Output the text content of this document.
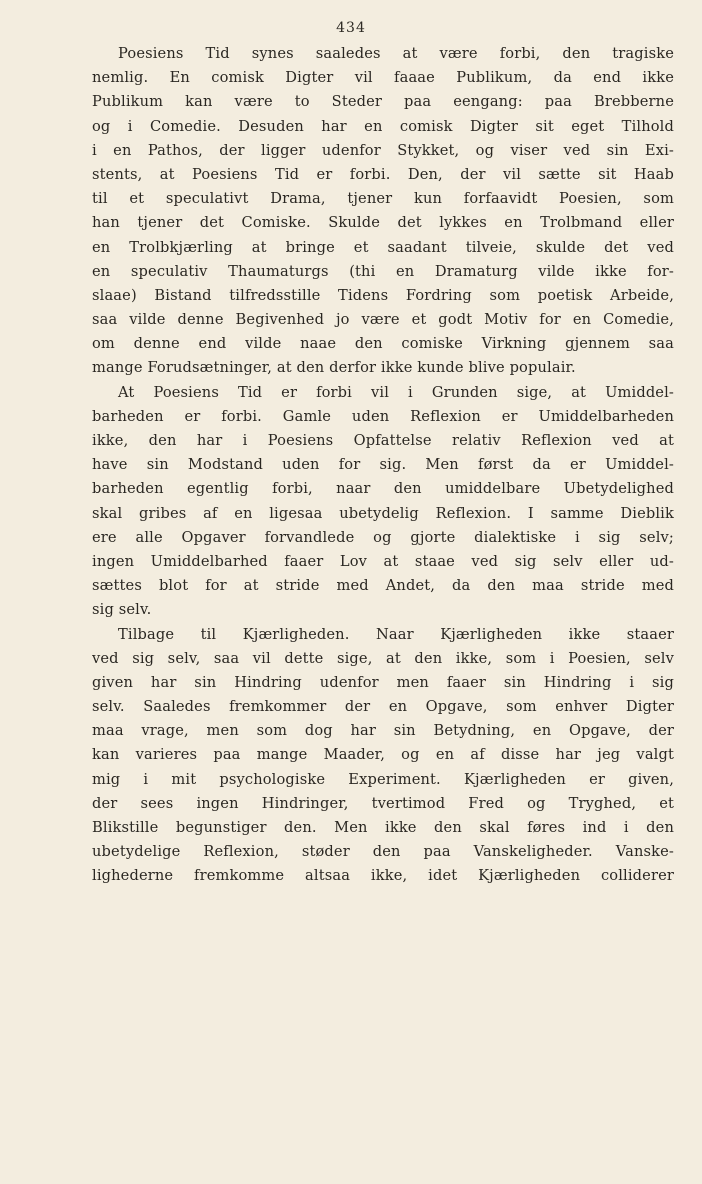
434
Poesiens Tid synes saaledes at være forbi, den tragiske
nemlig. En comisk Digter vil faaae Publikum, da end ikke
Publikum kan være to Steder paa eengang: paa Brebberne
og i Comedie. Desuden har en comisk Digter sit eget Tilhold
i en Pathos, der ligger udenfor Stykket, og viser ved sin Exi-
stents, at Poesiens Tid er forbi. Den, der vil sætte sit Haab
til et speculativt Drama, tjener kun forfaavidt Poesien, som
han tjener det Comiske. Skulde det lykkes en Trolbmand eller
en Trolbkjærling at bringe et saadant tilveie, skulde det ved
en speculativ Thaumaturgs (thi en Dramaturg vilde ikke for-
slaae) Bistand tilfredsstille Tidens Fordring som poetisk Arbeide,
saa vilde denne Begivenhed jo være et godt Motiv for en Comedie,
om denne end vilde naae den comiske Virkning gjennem saa
mange Forudsætninger, at den derfor ikke kunde blive populair.
At Poesiens Tid er forbi vil i Grunden sige, at Umiddel-
barheden er forbi. Gamle uden Reflexion er Umiddelbarheden
ikke, den har i Poesiens Opfattelse relativ Reflexion ved at
have sin Modstand uden for sig. Men først da er Umiddel-
barheden egentlig forbi, naar den umiddelbare Ubetydelighed
skal gribes af en ligesaa ubetydelig Reflexion. I samme Dieblik
ere alle Opgaver forvandlede og gjorte dialektiske i sig selv;
ingen Umiddelbarhed faaer Lov at staae ved sig selv eller ud-
sættes blot for at stride med Andet, da den maa stride med
sig selv.
Tilbage til Kjærligheden. Naar Kjærligheden ikke staaer
ved sig selv, saa vil dette sige, at den ikke, som i Poesien, selv
given har sin Hindring udenfor men faaer sin Hindring i sig
selv. Saaledes fremkommer der en Opgave, som enhver Digter
maa vrage, men som dog har sin Betydning, en Opgave, der
kan varieres paa mange Maader, og en af disse har jeg valgt
mig i mit psychologiske Experiment. Kjærligheden er given,
der sees ingen Hindringer, tvertimod Fred og Tryghed, et
Blikstille begunstiger den. Men ikke den skal føres ind i den
ubetydelige Reflexion, støder den paa Vanskeligheder. Vanske-
lighederne fremkomme altsaa ikke, idet Kjærligheden colliderer
